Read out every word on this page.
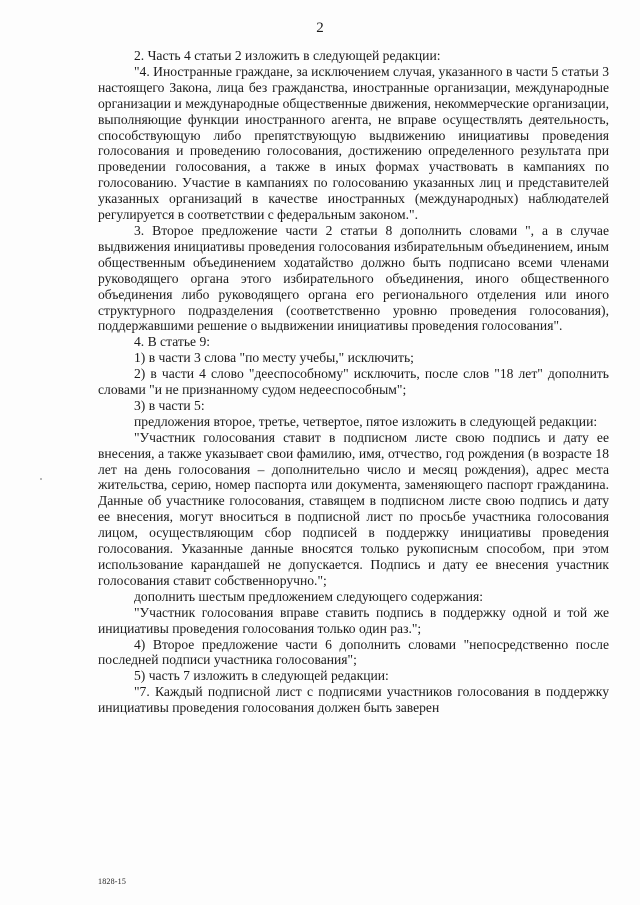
2

2. Часть 4 статьи 2 изложить в следующей редакции:

"4. Иностранные граждане, за исключением случая, указанного в части 5 статьи 3 настоящего Закона, лица без гражданства, иностранные организации, международные организации и международные общественные движения, некоммерческие организации, выполняющие функции иностранного агента, не вправе осуществлять деятельность, способствующую либо препятствующую выдвижению инициативы проведения голосования и проведению голосования, достижению определенного результата при проведении голосования, а также в иных формах участвовать в кампаниях по голосованию. Участие в кампаниях по голосованию указанных лиц и представителей указанных организаций в качестве иностранных (международных) наблюдателей регулируется в соответствии с федеральным законом.".

3. Второе предложение части 2 статьи 8 дополнить словами ", а в случае выдвижения инициативы проведения голосования избирательным объединением, иным общественным объединением ходатайство должно быть подписано всеми членами руководящего органа этого избирательного объединения, иного общественного объединения либо руководящего органа его регионального отделения или иного структурного подразделения (соответственно уровню проведения голосования), поддержавшими решение о выдвижении инициативы проведения голосования".

4. В статье 9:

1) в части 3 слова "по месту учебы," исключить;

2) в части 4 слово "дееспособному" исключить, после слов "18 лет" дополнить словами "и не признанному судом недееспособным";

3) в части 5:

предложения второе, третье, четвертое, пятое изложить в следующей редакции:

"Участник голосования ставит в подписном листе свою подпись и дату ее внесения, а также указывает свои фамилию, имя, отчество, год рождения (в возрасте 18 лет на день голосования – дополнительно число и месяц рождения), адрес места жительства, серию, номер паспорта или документа, заменяющего паспорт гражданина. Данные об участнике голосования, ставящем в подписном листе свою подпись и дату ее внесения, могут вноситься в подписной лист по просьбе участника голосования лицом, осуществляющим сбор подписей в поддержку инициативы проведения голосования. Указанные данные вносятся только рукописным способом, при этом использование карандашей не допускается. Подпись и дату ее внесения участник голосования ставит собственноручно.";

дополнить шестым предложением следующего содержания:

"Участник голосования вправе ставить подпись в поддержку одной и той же инициативы проведения голосования только один раз.";

4) Второе предложение части 6 дополнить словами "непосредственно после последней подписи участника голосования";

5) часть 7 изложить в следующей редакции:

"7. Каждый подписной лист с подписями участников голосования в поддержку инициативы проведения голосования должен быть заверен

1828-15
